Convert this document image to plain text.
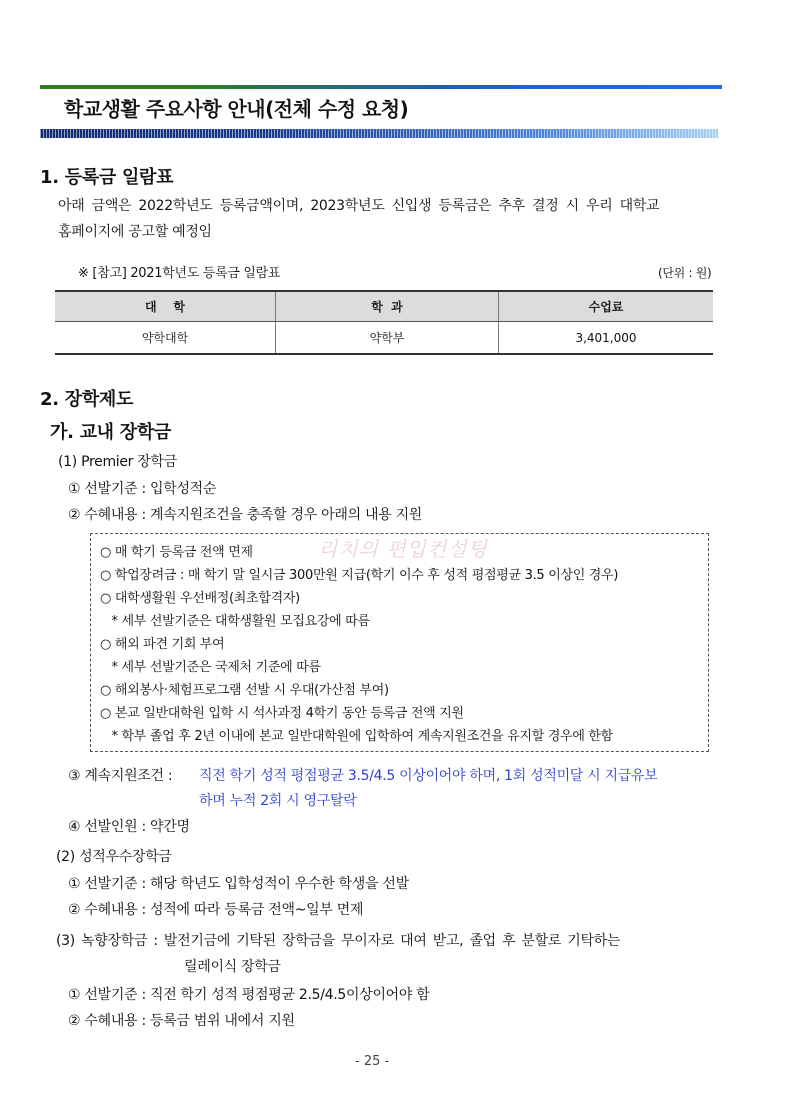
학교생활 주요사항 안내(전체 수정 요청)
1. 등록금 일람표
아래 금액은 2022학년도 등록금액이며, 2023학년도 신입생 등록금은 추후 결정 시 우리 대학교
홈페이지에 공고할 예정임
※ [참고] 2021학년도 등록금 일람표	(단위 : 원)
대    학	학  과	수업료
약학대학	약학부	3,401,000
2. 장학제도
가. 교내 장학금
(1) Premier 장학금
① 선발기준 : 입학성적순
② 수혜내용 : 계속지원조건을 충족할 경우 아래의 내용 지원
리치의 편입컨설팅
○ 매 학기 등록금 전액 면제
○ 학업장려금 : 매 학기 말 일시금 300만원 지급(학기 이수 후 성적 평점평균 3.5 이상인 경우)
○ 대학생활원 우선배정(최초합격자)
* 세부 선발기준은 대학생활원 모집요강에 따름
○ 해외 파견 기회 부여
* 세부 선발기준은 국제처 기준에 따름
○ 해외봉사·체험프로그램 선발 시 우대(가산점 부여)
○ 본교 일반대학원 입학 시 석사과정 4학기 동안 등록금 전액 지원
* 학부 졸업 후 2년 이내에 본교 일반대학원에 입학하여 계속지원조건을 유지할 경우에 한함
③ 계속지원조건 : 직전 학기 성적 평점평균 3.5/4.5 이상이어야 하며, 1회 성적미달 시 지급유보
하며 누적 2회 시 영구탈락
④ 선발인원 : 약간명
(2) 성적우수장학금
① 선발기준 : 해당 학년도 입학성적이 우수한 학생을 선발
② 수혜내용 : 성적에 따라 등록금 전액~일부 면제
(3) 녹향장학금 : 발전기금에 기탁된 장학금을 무이자로 대여 받고, 졸업 후 분할로 기탁하는
릴레이식 장학금
① 선발기준 : 직전 학기 성적 평점평균 2.5/4.5이상이어야 함
② 수혜내용 : 등록금 범위 내에서 지원
- 25 -
